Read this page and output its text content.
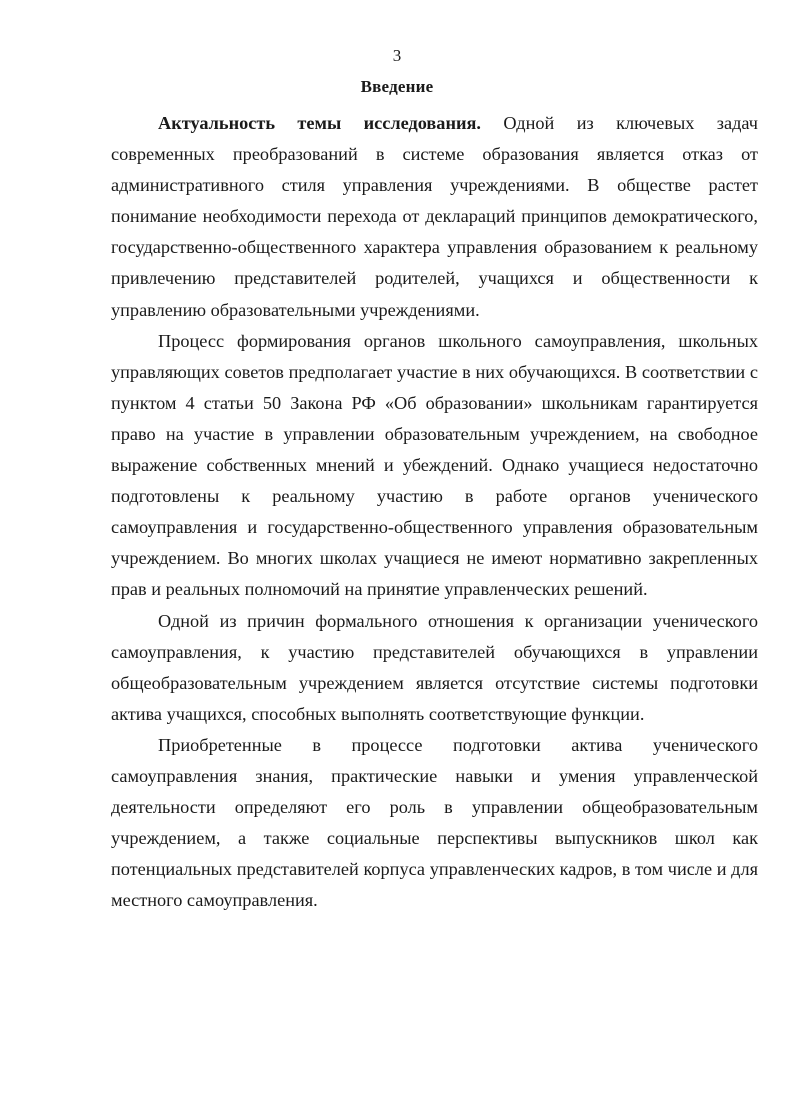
3
Введение

Актуальность темы исследования. Одной из ключевых задач современных преобразований в системе образования является отказ от административного стиля управления учреждениями. В обществе растет понимание необходимости перехода от деклараций принципов демократического, государственно-общественного характера управления образованием к реальному привлечению представителей родителей, учащихся и общественности к управлению образовательными учреждениями.

Процесс формирования органов школьного самоуправления, школьных управляющих советов предполагает участие в них обучающихся. В соответствии с пунктом 4 статьи 50 Закона РФ «Об образовании» школьникам гарантируется право на участие в управлении образовательным учреждением, на свободное выражение собственных мнений и убеждений. Однако учащиеся недостаточно подготовлены к реальному участию в работе органов ученического самоуправления и государственно-общественного управления образовательным учреждением. Во многих школах учащиеся не имеют нормативно закрепленных прав и реальных полномочий на принятие управленческих решений.

Одной из причин формального отношения к организации ученического самоуправления, к участию представителей обучающихся в управлении общеобразовательным учреждением является отсутствие системы подготовки актива учащихся, способных выполнять соответствующие функции.

Приобретенные в процессе подготовки актива ученического самоуправления знания, практические навыки и умения управленческой деятельности определяют его роль в управлении общеобразовательным учреждением, а также социальные перспективы выпускников школ как потенциальных представителей корпуса управленческих кадров, в том числе и для местного самоуправления.
